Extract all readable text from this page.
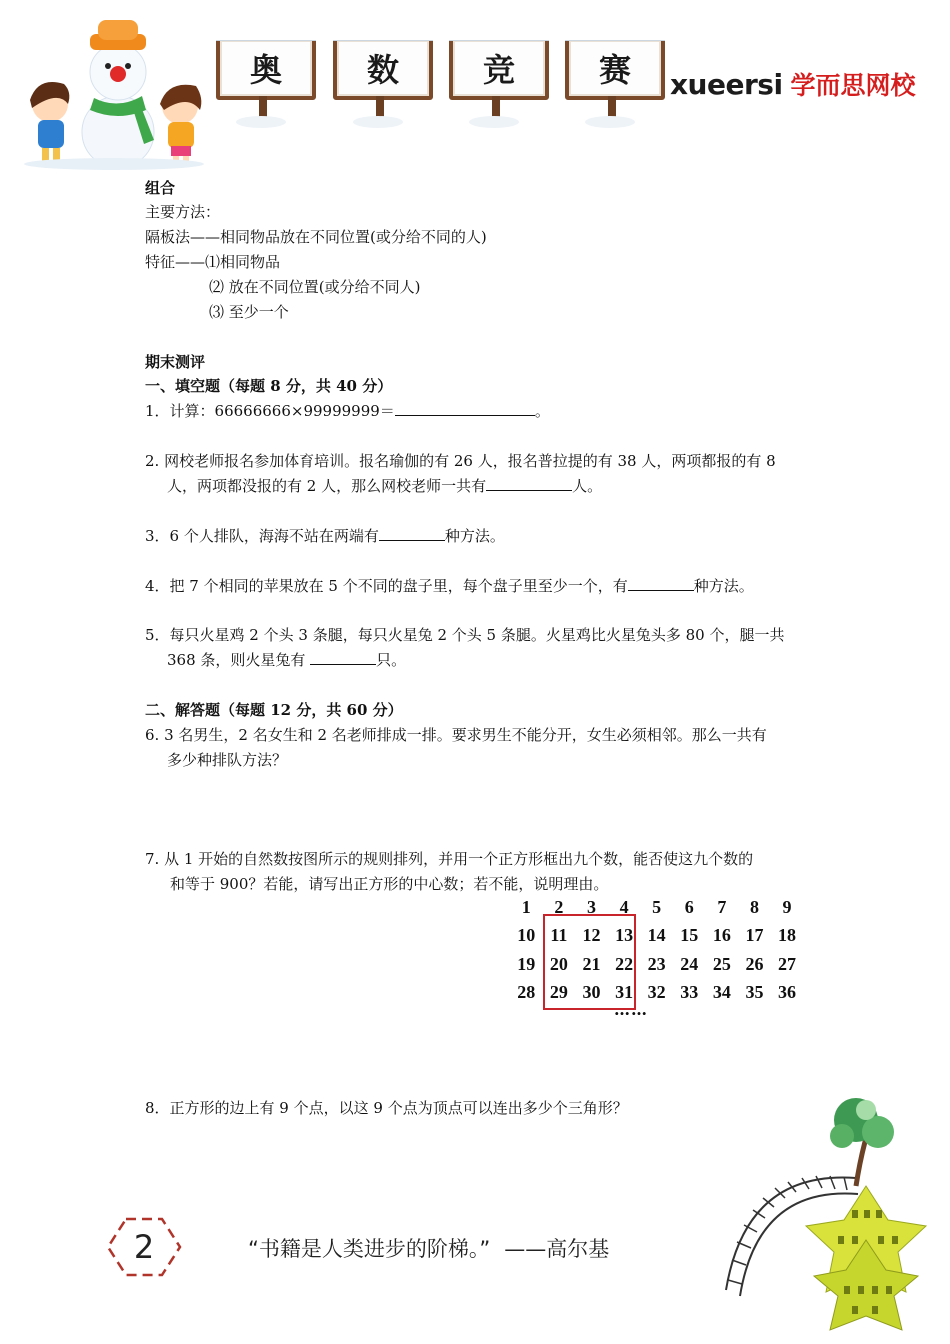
奥	数	竞	赛	xueersi 学而思网校
组合
主要方法：
隔板法——相同物品放在不同位置(或分给不同的人)
特征——⑴相同物品
⑵ 放在不同位置(或分给不同人)
⑶ 至少一个
期末测评
一、填空题（每题 8 分，共 40 分）
1．计算：66666666×99999999＝	。
2. 网校老师报名参加体育培训。报名瑜伽的有 26 人，报名普拉提的有 38 人，两项都报的有 8
人，两项都没报的有 2 人，那么网校老师一共有	人。
3．6 个人排队，海海不站在两端有	种方法。
4．把 7 个相同的苹果放在 5 个不同的盘子里，每个盘子里至少一个，有	种方法。
5．每只火星鸡 2 个头 3 条腿，每只火星兔 2 个头 5 条腿。火星鸡比火星兔头多 80 个，腿一共
368 条，则火星兔有	只。
二、解答题（每题 12 分，共 60 分）
6. 3 名男生，2 名女生和 2 名老师排成一排。要求男生不能分开，女生必须相邻。那么一共有
多少种排队方法？
7. 从 1 开始的自然数按图所示的规则排列，并用一个正方形框出九个数，能否使这九个数的
和等于 900？若能，请写出正方形的中心数；若不能，说明理由。
1	2	3	4	5	6	7	8	9
10 11 12 13 14 15 16 17 18
19 20 21 22 23 24 25 26 27
28 29 30 31 32 33 34 35 36
……
8．正方形的边上有 9 个点，以这 9 个点为顶点可以连出多少个三角形？
2	“书籍是人类进步的阶梯。” ——高尔基
